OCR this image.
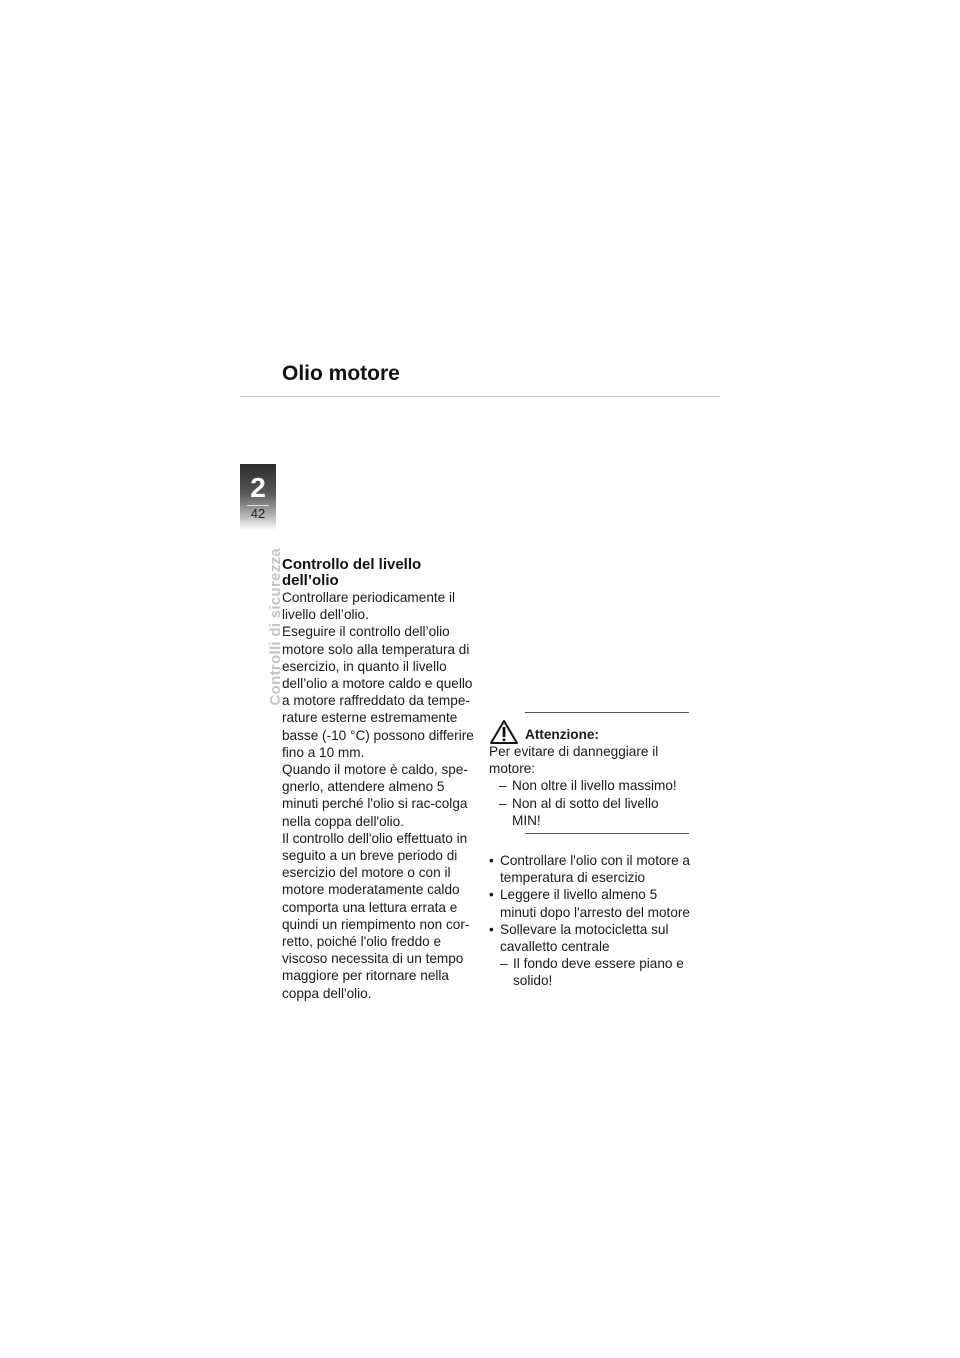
Olio motore
2
42
Controlli di sicurezza
Controllo del livello
dell’olio

Controllare periodicamente il livello dell’olio.

Eseguire il controllo dell’olio motore solo alla temperatura di esercizio, in quanto il livello dell’olio a motore caldo e quello a motore raffreddato da tempe-rature esterne estremamente basse (-10 °C) possono differire fino a 10 mm.

Quando il motore è caldo, spe-gnerlo, attendere almeno 5 minuti perché l'olio si rac-colga nella coppa dell'olio.

Il controllo dell'olio effettuato in seguito a un breve periodo di esercizio del motore o con il motore moderatamente caldo comporta una lettura errata e quindi un riempimento non cor-retto, poiché l'olio freddo e viscoso necessita di un tempo maggiore per ritornare nella coppa dell'olio.

Attenzione:

Per evitare di danneggiare il motore:

– Non oltre il livello massimo!
– Non al di sotto del livello MIN!
• Controllare l'olio con il motore a temperatura di esercizio
• Leggere il livello almeno 5 minuti dopo l'arresto del motore
• Sollevare la motocicletta sul cavalletto centrale
– Il fondo deve essere piano e solido!
